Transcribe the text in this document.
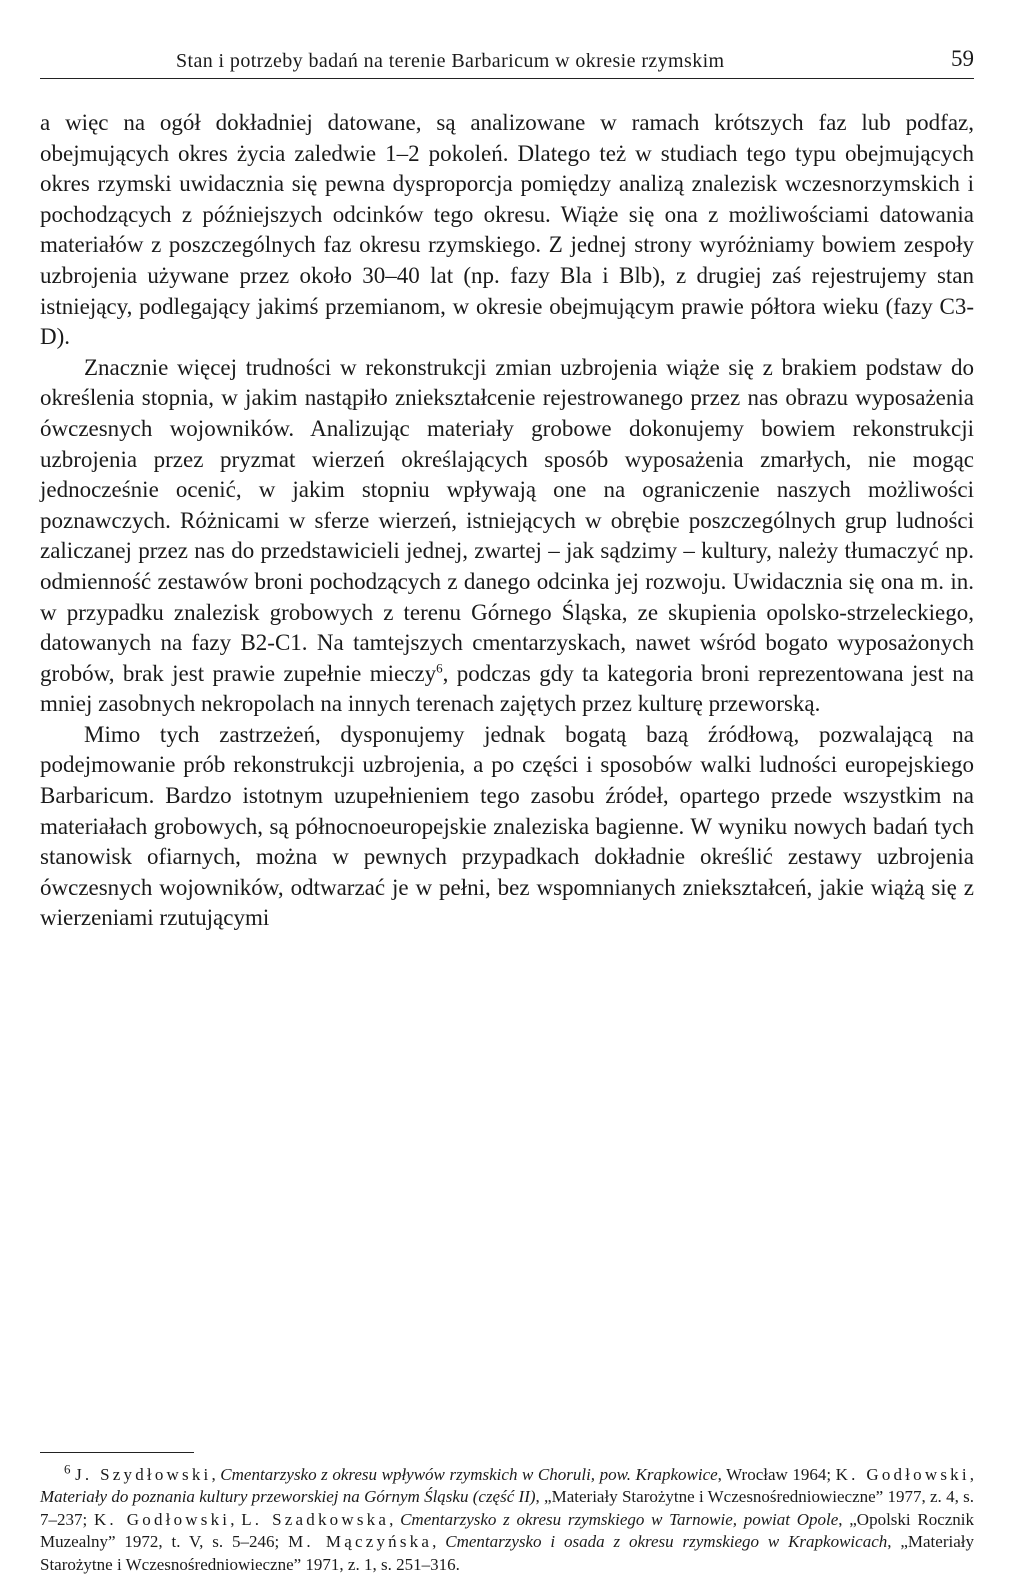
Stan i potrzeby badań na terenie Barbaricum w okresie rzymskim	59

a więc na ogół dokładniej datowane, są analizowane w ramach krótszych faz lub podfaz, obejmujących okres życia zaledwie 1–2 pokoleń. Dlatego też w studiach tego typu obejmujących okres rzymski uwidacznia się pewna dysproporcja pomiędzy analizą znalezisk wczesnorzymskich i pochodzących z późniejszych odcinków tego okresu. Wiąże się ona z możliwościami datowania materiałów z poszczególnych faz okresu rzymskiego. Z jednej strony wyróżniamy bowiem zespoły uzbrojenia używane przez około 30–40 lat (np. fazy Bla i Blb), z drugiej zaś rejestrujemy stan istniejący, podlegający jakimś przemianom, w okresie obejmującym prawie półtora wieku (fazy C3-D).

Znacznie więcej trudności w rekonstrukcji zmian uzbrojenia wiąże się z brakiem podstaw do określenia stopnia, w jakim nastąpiło zniekształcenie rejestrowanego przez nas obrazu wyposażenia ówczesnych wojowników. Analizując materiały grobowe dokonujemy bowiem rekonstrukcji uzbrojenia przez pryzmat wierzeń określających sposób wyposażenia zmarłych, nie mogąc jednocześnie ocenić, w jakim stopniu wpływają one na ograniczenie naszych możliwości poznawczych. Różnicami w sferze wierzeń, istniejących w obrębie poszczególnych grup ludności zaliczanej przez nas do przedstawicieli jednej, zwartej – jak sądzimy – kultury, należy tłumaczyć np. odmienność zestawów broni pochodzących z danego odcinka jej rozwoju. Uwidacznia się ona m. in. w przypadku znalezisk grobowych z terenu Górnego Śląska, ze skupienia opolsko-strzeleckiego, datowanych na fazy B2-C1. Na tamtejszych cmentarzyskach, nawet wśród bogato wyposażonych grobów, brak jest prawie zupełnie mieczy$^6$, podczas gdy ta kategoria broni reprezentowana jest na mniej zasobnych nekropolach na innych terenach zajętych przez kulturę przeworską.

Mimo tych zastrzeżeń, dysponujemy jednak bogatą bazą źródłową, pozwalającą na podejmowanie prób rekonstrukcji uzbrojenia, a po części i sposobów walki ludności europejskiego Barbaricum. Bardzo istotnym uzupełnieniem tego zasobu źródeł, opartego przede wszystkim na materiałach grobowych, są północnoeuropejskie znaleziska bagienne. W wyniku nowych badań tych stanowisk ofiarnych, można w pewnych przypadkach dokładnie określić zestawy uzbrojenia ówczesnych wojowników, odtwarzać je w pełni, bez wspomnianych zniekształceń, jakie wiążą się z wierzeniami rzutującymi

$^6$ J. Szydłowski, Cmentarzysko z okresu wpływów rzymskich w Choruli, pow. Krapkowice, Wrocław 1964; K. Godłowski, Materiały do poznania kultury przeworskiej na Górnym Śląsku (część II), „Materiały Starożytne i Wczesnośredniowieczne” 1977, z. 4, s. 7–237; K. Godłowski, L. Szadkowska, Cmentarzysko z okresu rzymskiego w Tarnowie, powiat Opole, „Opolski Rocznik Muzealny” 1972, t. V, s. 5–246; M. Mączyńska, Cmentarzysko i osada z okresu rzymskiego w Krapkowicach, „Materiały Starożytne i Wczesnośredniowieczne” 1971, z. 1, s. 251–316.
